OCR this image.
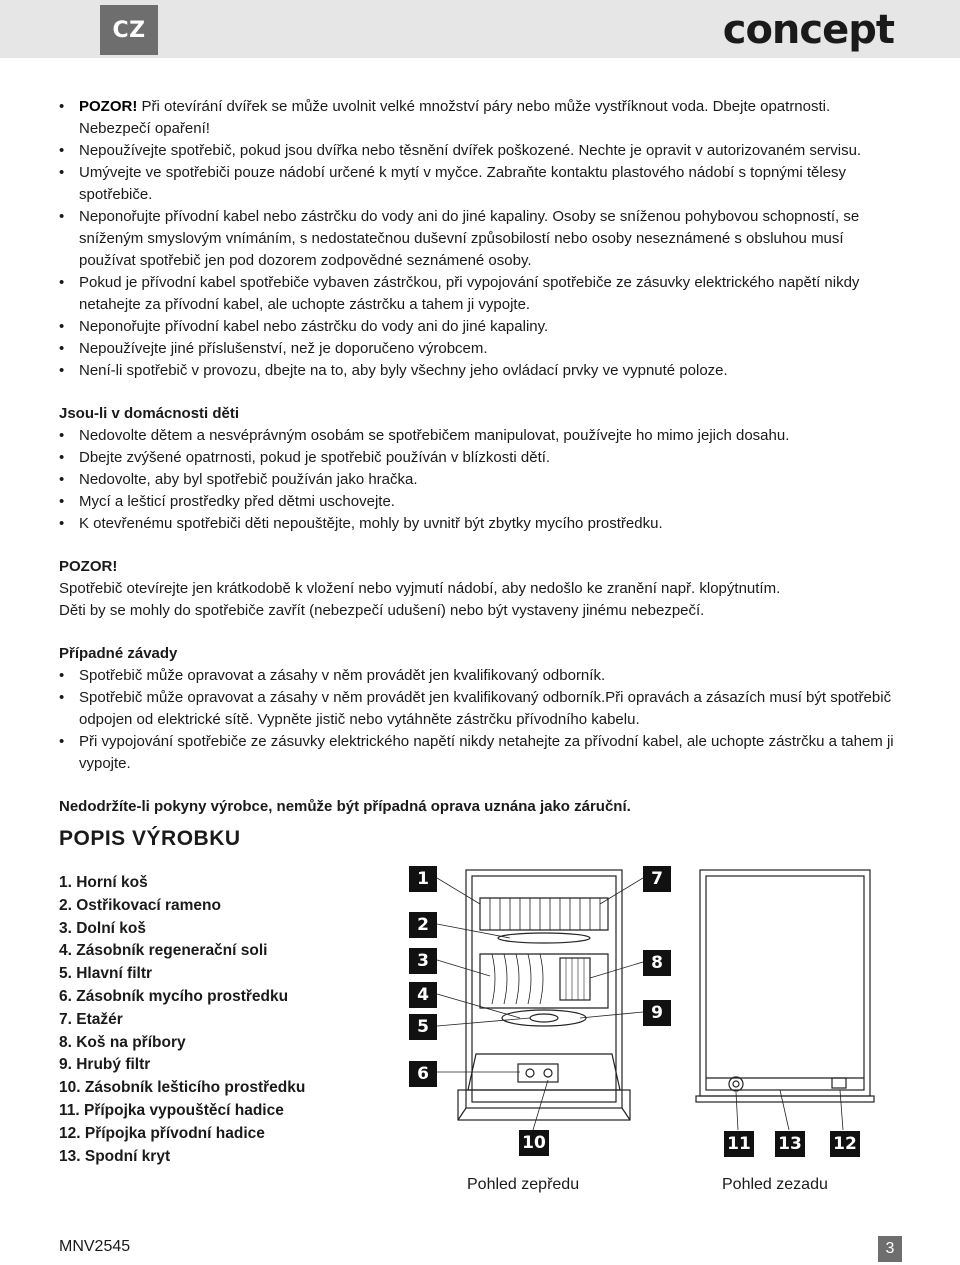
CZ	concept
• POZOR! Při otevírání dvířek se může uvolnit velké množství páry nebo může vystříknout voda. Dbejte opatrnosti. Nebezpečí opaření!
• Nepoužívejte spotřebič, pokud jsou dvířka nebo těsnění dvířek poškozené. Nechte je opravit v autorizovaném servisu.
• Umývejte ve spotřebiči pouze nádobí určené k mytí v myčce. Zabraňte kontaktu plastového nádobí s topnými tělesy spotřebiče.
• Neponořujte přívodní kabel nebo zástrčku do vody ani do jiné kapaliny. Osoby se sníženou pohybovou schopností, se sníženým smyslovým vnímáním, s nedostatečnou duševní způsobilostí nebo osoby neseznámené s obsluhou musí používat spotřebič jen pod dozorem zodpovědné seznámené osoby.
• Pokud je přívodní kabel spotřebiče vybaven zástrčkou, při vypojování spotřebiče ze zásuvky elektrického napětí nikdy netahejte za přívodní kabel, ale uchopte zástrčku a tahem ji vypojte.
• Neponořujte přívodní kabel nebo zástrčku do vody ani do jiné kapaliny.
• Nepoužívejte jiné příslušenství, než je doporučeno výrobcem.
• Není-li spotřebič v provozu, dbejte na to, aby byly všechny jeho ovládací prvky ve vypnuté poloze.
Jsou-li v domácnosti děti
• Nedovolte dětem a nesvéprávným osobám se spotřebičem manipulovat, používejte ho mimo jejich dosahu.
• Dbejte zvýšené opatrnosti, pokud je spotřebič používán v blízkosti dětí.
• Nedovolte, aby byl spotřebič používán jako hračka.
• Mycí a lešticí prostředky před dětmi uschovejte.
• K otevřenému spotřebiči děti nepouštějte, mohly by uvnitř být zbytky mycího prostředku.
POZOR!
Spotřebič otevírejte jen krátkodobě k vložení nebo vyjmutí nádobí, aby nedošlo ke zranění např. klopýtnutím.
Děti by se mohly do spotřebiče zavřít (nebezpečí udušení) nebo být vystaveny jinému nebezpečí.
Případné závady
• Spotřebič může opravovat a zásahy v něm provádět jen kvalifikovaný odborník.
• Spotřebič může opravovat a zásahy v něm provádět jen kvalifikovaný odborník.Při opravách a zásazích musí být spotřebič odpojen od elektrické sítě. Vypněte jistič nebo vytáhněte zástrčku přívodního kabelu.
• Při vypojování spotřebiče ze zásuvky elektrického napětí nikdy netahejte za přívodní kabel, ale uchopte zástrčku a tahem ji vypojte.
Nedodržíte-li pokyny výrobce, nemůže být případná oprava uznána jako záruční.
POPIS VÝROBKU
1. Horní koš
2. Ostřikovací rameno
3. Dolní koš
4. Zásobník regenerační soli
5. Hlavní filtr
6. Zásobník mycího prostředku
7. Etažér
8. Koš na příbory
9. Hrubý filtr
10. Zásobník lešticího prostředku
11. Přípojka vypouštěcí hadice
12. Přípojka přívodní hadice
13. Spodní kryt
1
2
3
4
5
6
7
8
9
10	11 13 12
Pohled zepředu	Pohled zezadu
MNV2545	3
